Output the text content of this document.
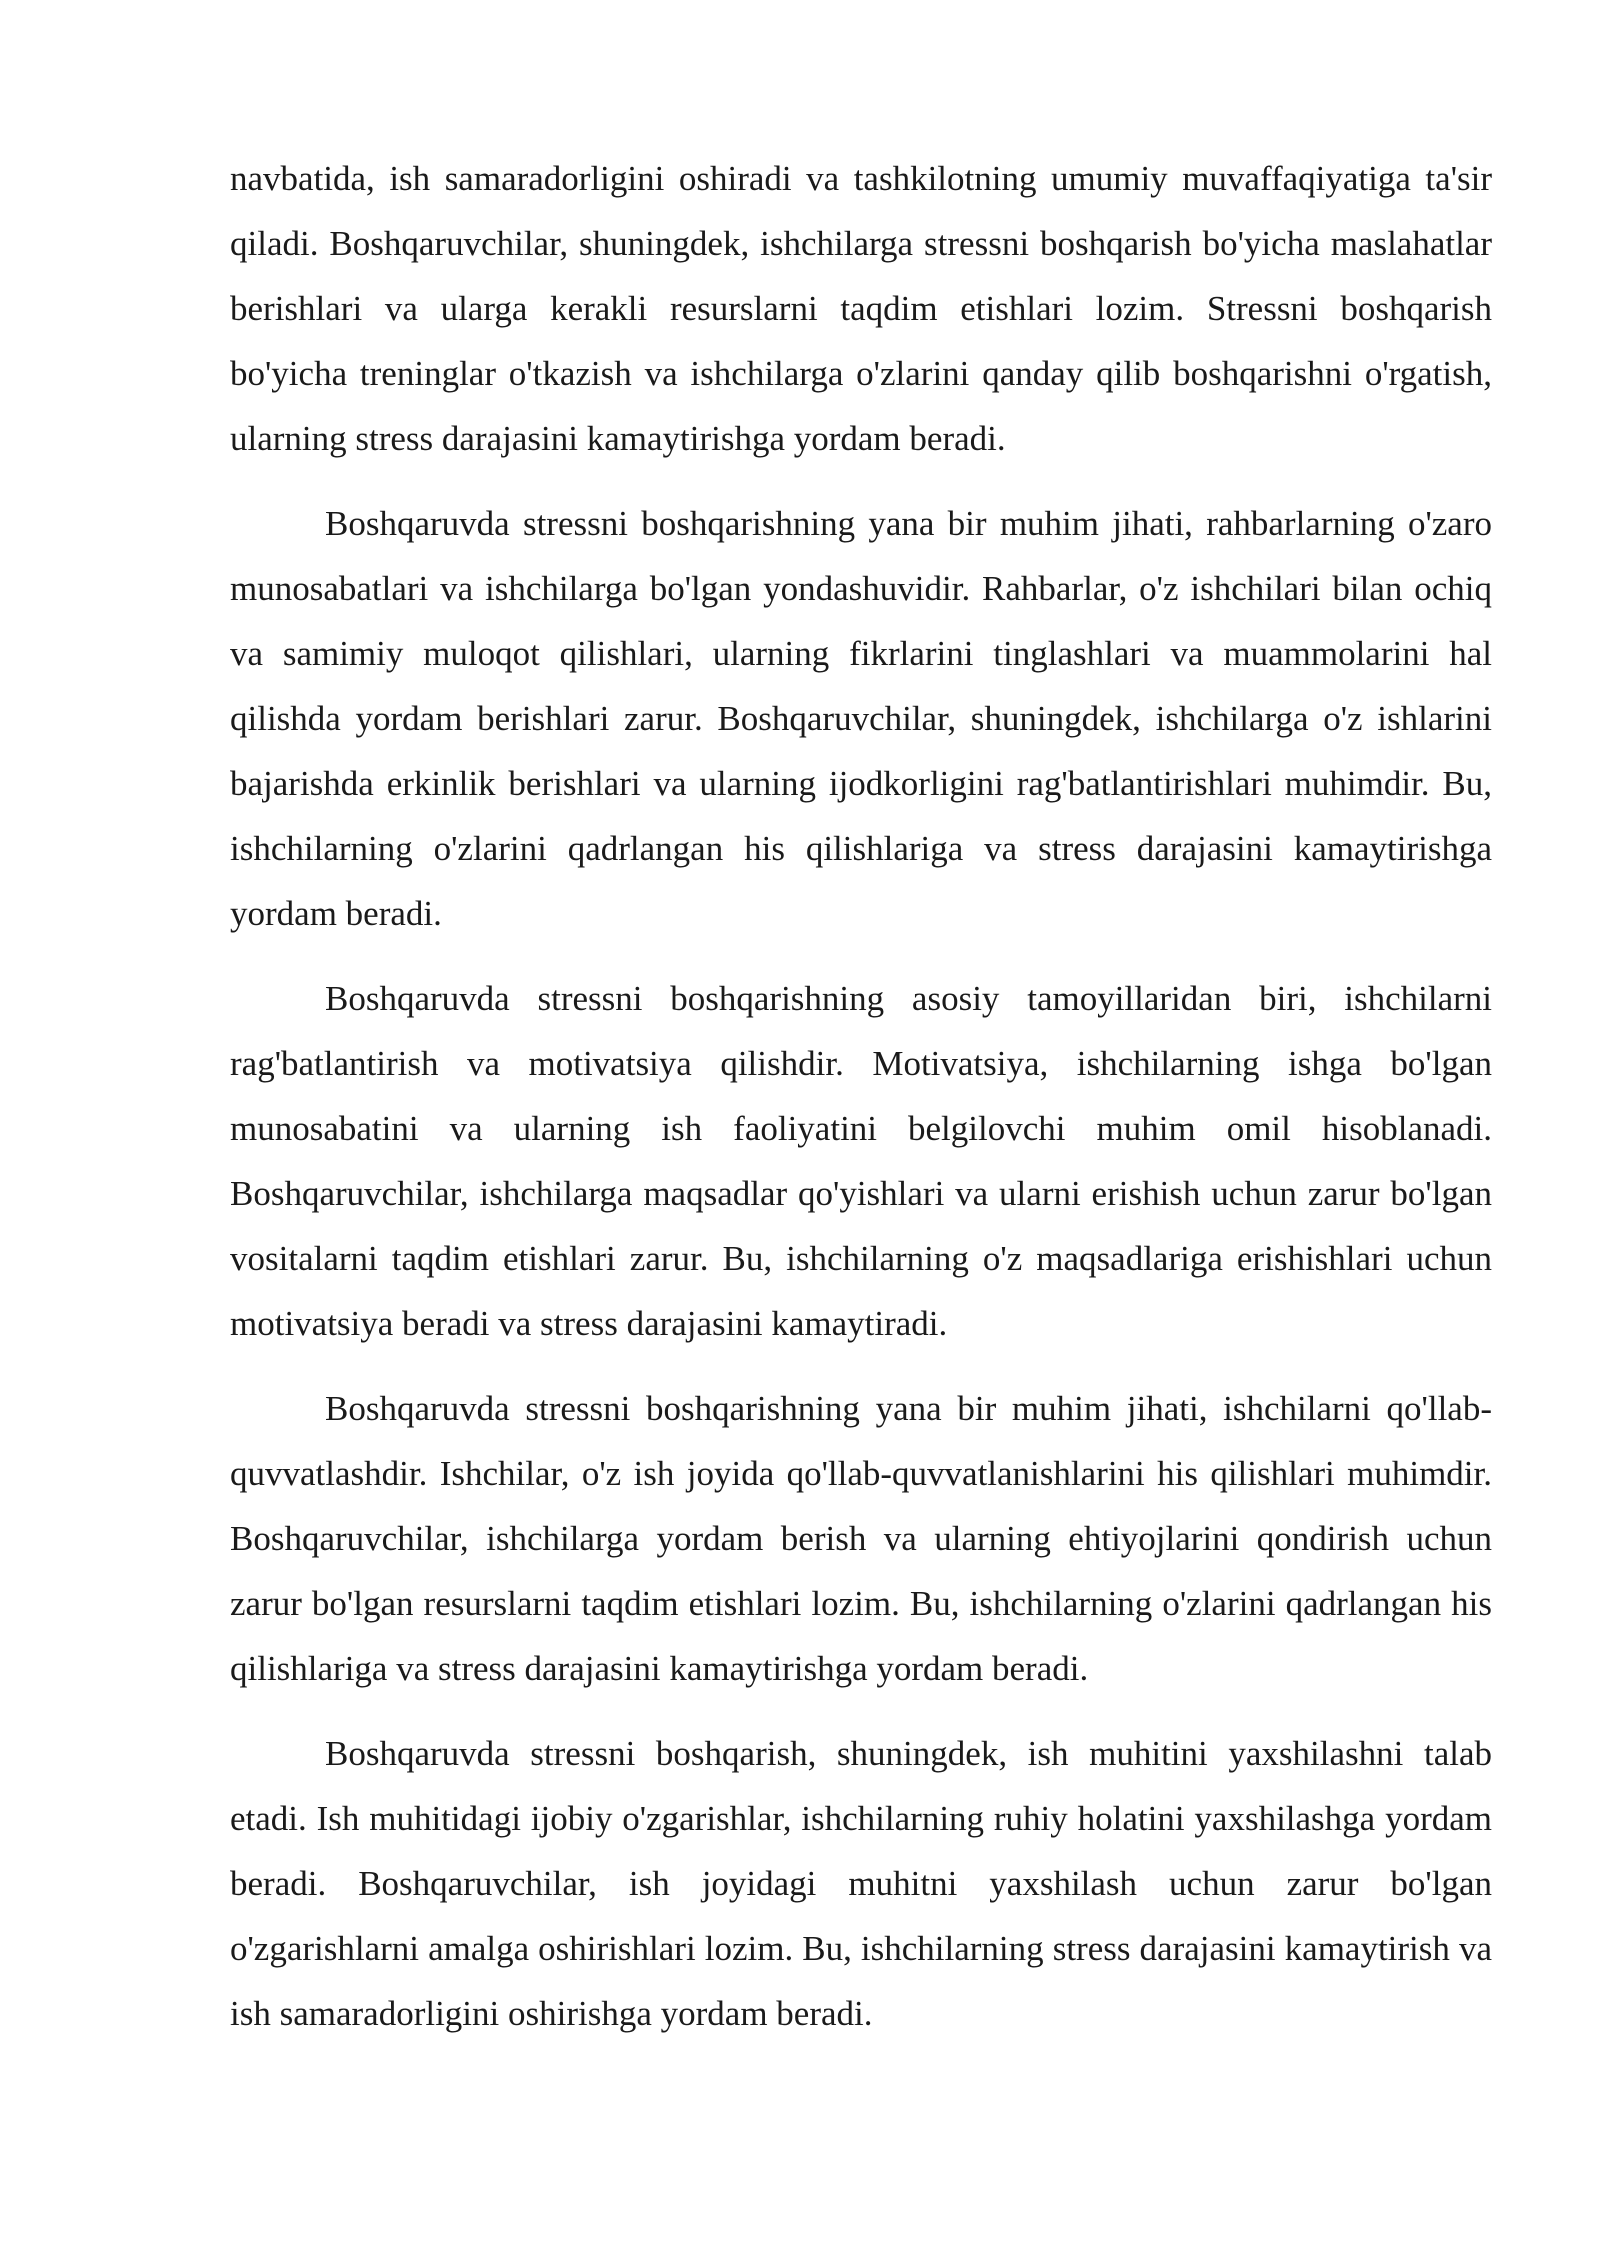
navbatida, ish samaradorligini oshiradi va tashkilotning umumiy muvaffaqiyatiga ta'sir qiladi. Boshqaruvchilar, shuningdek, ishchilarga stressni boshqarish bo'yicha maslahatlar berishlari va ularga kerakli resurslarni taqdim etishlari lozim. Stressni boshqarish bo'yicha treninglar o'tkazish va ishchilarga o'zlarini qanday qilib boshqarishni o'rgatish, ularning stress darajasini kamaytirishga yordam beradi.

Boshqaruvda stressni boshqarishning yana bir muhim jihati, rahbarlarning o'zaro munosabatlari va ishchilarga bo'lgan yondashuvidir. Rahbarlar, o'z ishchilari bilan ochiq va samimiy muloqot qilishlari, ularning fikrlarini tinglashlari va muammolarini hal qilishda yordam berishlari zarur. Boshqaruvchilar, shuningdek, ishchilarga o'z ishlarini bajarishda erkinlik berishlari va ularning ijodkorligini rag'batlantirishlari muhimdir. Bu, ishchilarning o'zlarini qadrlangan his qilishlariga va stress darajasini kamaytirishga yordam beradi.

Boshqaruvda stressni boshqarishning asosiy tamoyillaridan biri, ishchilarni rag'batlantirish va motivatsiya qilishdir. Motivatsiya, ishchilarning ishga bo'lgan munosabatini va ularning ish faoliyatini belgilovchi muhim omil hisoblanadi. Boshqaruvchilar, ishchilarga maqsadlar qo'yishlari va ularni erishish uchun zarur bo'lgan vositalarni taqdim etishlari zarur. Bu, ishchilarning o'z maqsadlariga erishishlari uchun motivatsiya beradi va stress darajasini kamaytiradi.

Boshqaruvda stressni boshqarishning yana bir muhim jihati, ishchilarni qo'llab-quvvatlashdir. Ishchilar, o'z ish joyida qo'llab-quvvatlanishlarini his qilishlari muhimdir. Boshqaruvchilar, ishchilarga yordam berish va ularning ehtiyojlarini qondirish uchun zarur bo'lgan resurslarni taqdim etishlari lozim. Bu, ishchilarning o'zlarini qadrlangan his qilishlariga va stress darajasini kamaytirishga yordam beradi.

Boshqaruvda stressni boshqarish, shuningdek, ish muhitini yaxshilashni talab etadi. Ish muhitidagi ijobiy o'zgarishlar, ishchilarning ruhiy holatini yaxshilashga yordam beradi. Boshqaruvchilar, ish joyidagi muhitni yaxshilash uchun zarur bo'lgan o'zgarishlarni amalga oshirishlari lozim. Bu, ishchilarning stress darajasini kamaytirish va ish samaradorligini oshirishga yordam beradi.
